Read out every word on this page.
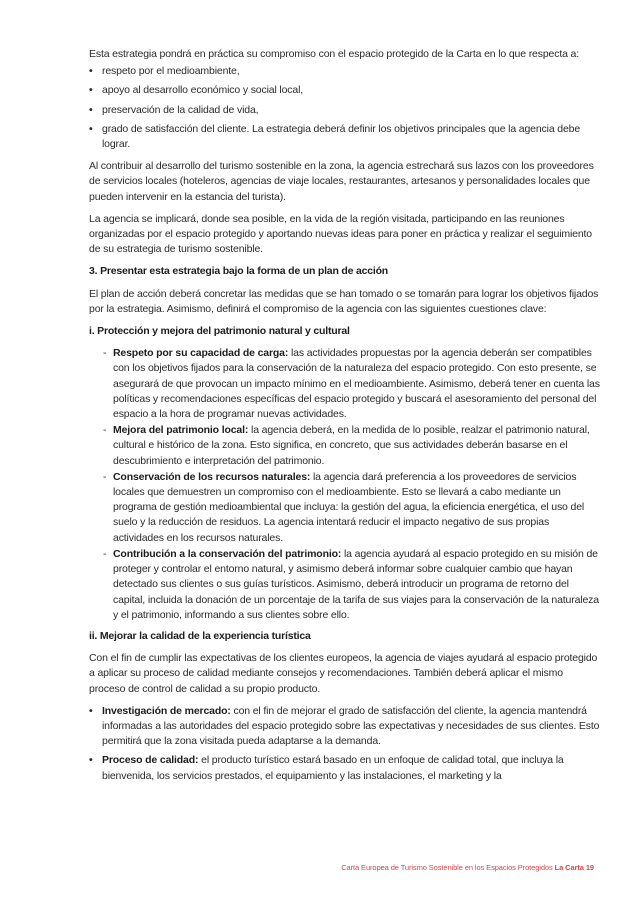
Esta estrategia pondrá en práctica su compromiso con el espacio protegido de la Carta en lo que respecta a:

• respeto por el medioambiente,
• apoyo al desarrollo económico y social local,
• preservación de la calidad de vida,
• grado de satisfacción del cliente. La estrategia deberá definir los objetivos principales que la agencia debe lograr.

Al contribuir al desarrollo del turismo sostenible en la zona, la agencia estrechará sus lazos con los proveedores de servicios locales (hoteleros, agencias de viaje locales, restaurantes, artesanos y personalidades locales que pueden intervenir en la estancia del turista).

La agencia se implicará, donde sea posible, en la vida de la región visitada, participando en las reuniones organizadas por el espacio protegido y aportando nuevas ideas para poner en práctica y realizar el seguimiento de su estrategia de turismo sostenible.

3. Presentar esta estrategia bajo la forma de un plan de acción

El plan de acción deberá concretar las medidas que se han tomado o se tomarán para lograr los objetivos fijados por la estrategia. Asimismo, definirá el compromiso de la agencia con las siguientes cuestiones clave:

i. Protección y mejora del patrimonio natural y cultural

- Respeto por su capacidad de carga: las actividades propuestas por la agencia deberán ser compatibles con los objetivos fijados para la conservación de la naturaleza del espacio protegido. Con esto presente, se asegurará de que provocan un impacto mínimo en el medioambiente. Asimismo, deberá tener en cuenta las políticas y recomendaciones específicas del espacio protegido y buscará el asesoramiento del personal del espacio a la hora de programar nuevas actividades.
- Mejora del patrimonio local: la agencia deberá, en la medida de lo posible, realzar el patrimonio natural, cultural e histórico de la zona. Esto significa, en concreto, que sus actividades deberán basarse en el descubrimiento e interpretación del patrimonio.
- Conservación de los recursos naturales: la agencia dará preferencia a los proveedores de servicios locales que demuestren un compromiso con el medioambiente. Esto se llevará a cabo mediante un programa de gestión medioambiental que incluya: la gestión del agua, la eficiencia energética, el uso del suelo y la reducción de residuos. La agencia intentará reducir el impacto negativo de sus propias actividades en los recursos naturales.
- Contribución a la conservación del patrimonio: la agencia ayudará al espacio protegido en su misión de proteger y controlar el entorno natural, y asimismo deberá informar sobre cualquier cambio que hayan detectado sus clientes o sus guías turísticos. Asimismo, deberá introducir un programa de retorno del capital, incluida la donación de un porcentaje de la tarifa de sus viajes para la conservación de la naturaleza y el patrimonio, informando a sus clientes sobre ello.

ii. Mejorar la calidad de la experiencia turística

Con el fin de cumplir las expectativas de los clientes europeos, la agencia de viajes ayudará al espacio protegido a aplicar su proceso de calidad mediante consejos y recomendaciones. También deberá aplicar el mismo proceso de control de calidad a su propio producto.

• Investigación de mercado: con el fin de mejorar el grado de satisfacción del cliente, la agencia mantendrá informadas a las autoridades del espacio protegido sobre las expectativas y necesidades de sus clientes. Esto permitirá que la zona visitada pueda adaptarse a la demanda.
• Proceso de calidad: el producto turístico estará basado en un enfoque de calidad total, que incluya la bienvenida, los servicios prestados, el equipamiento y las instalaciones, el marketing y la
Carta Europea de Turismo Sostenible en los Espacios Protegidos La Carta 19
